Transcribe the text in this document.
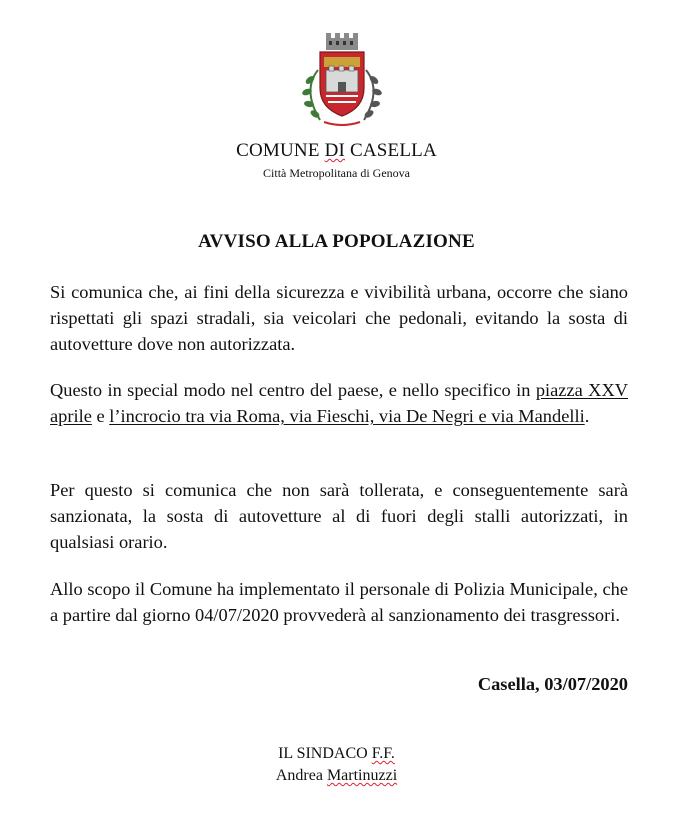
COMUNE DI CASELLA
Città Metropolitana di Genova
AVVISO ALLA POPOLAZIONE
Si comunica che, ai fini della sicurezza e vivibilità urbana, occorre che siano rispettati gli spazi stradali, sia veicolari che pedonali, evitando la sosta di autovetture dove non autorizzata.
Questo in special modo nel centro del paese, e nello specifico in piazza XXV aprile e l’incrocio tra via Roma, via Fieschi, via De Negri e via Mandelli.
Per questo si comunica che non sarà tollerata, e conseguentemente sarà sanzionata, la sosta di autovetture al di fuori degli stalli autorizzati, in qualsiasi orario.
Allo scopo il Comune ha implementato il personale di Polizia Municipale, che a partire dal giorno 04/07/2020 provvederà al sanzionamento dei trasgressori.
Casella, 03/07/2020
IL SINDACO F.F.
Andrea Martinuzzi
